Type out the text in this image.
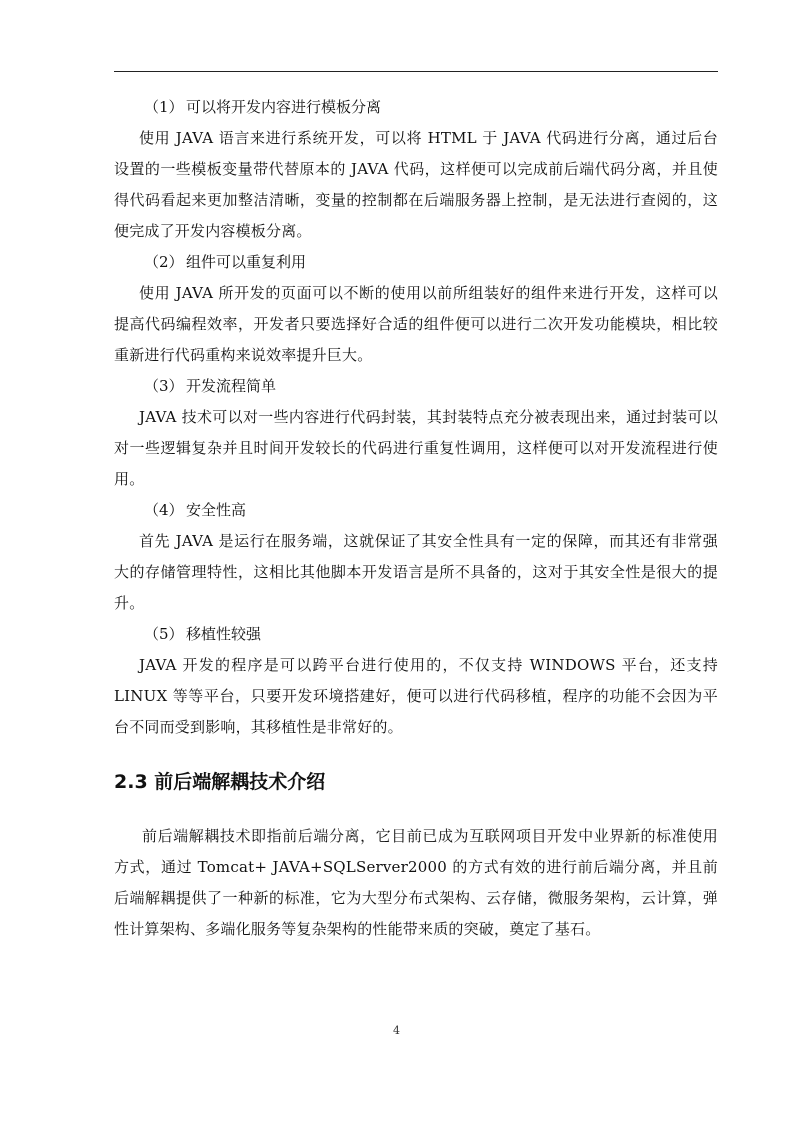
（1） 可以将开发内容进行模板分离

使用 JAVA 语言来进行系统开发，可以将 HTML 于 JAVA 代码进行分离，通过后台设置的一些模板变量带代替原本的 JAVA 代码，这样便可以完成前后端代码分离，并且使得代码看起来更加整洁清晰，变量的控制都在后端服务器上控制，是无法进行查阅的，这便完成了开发内容模板分离。

（2） 组件可以重复利用

使用 JAVA 所开发的页面可以不断的使用以前所组装好的组件来进行开发，这样可以提高代码编程效率，开发者只要选择好合适的组件便可以进行二次开发功能模块，相比较重新进行代码重构来说效率提升巨大。

（3） 开发流程简单

JAVA 技术可以对一些内容进行代码封装，其封装特点充分被表现出来，通过封装可以对一些逻辑复杂并且时间开发较长的代码进行重复性调用，这样便可以对开发流程进行使用。

（4） 安全性高

首先 JAVA 是运行在服务端，这就保证了其安全性具有一定的保障，而其还有非常强大的存储管理特性，这相比其他脚本开发语言是所不具备的，这对于其安全性是很大的提升。

（5） 移植性较强

JAVA 开发的程序是可以跨平台进行使用的，不仅支持 WINDOWS 平台，还支持 LINUX 等等平台，只要开发环境搭建好，便可以进行代码移植，程序的功能不会因为平台不同而受到影响，其移植性是非常好的。

2.3 前后端解耦技术介绍

前后端解耦技术即指前后端分离，它目前已成为互联网项目开发中业界新的标准使用方式，通过 Tomcat+ JAVA+SQLServer2000 的方式有效的进行前后端分离，并且前后端解耦提供了一种新的标准，它为大型分布式架构、云存储，微服务架构，云计算，弹性计算架构、多端化服务等复杂架构的性能带来质的突破，奠定了基石。

4
